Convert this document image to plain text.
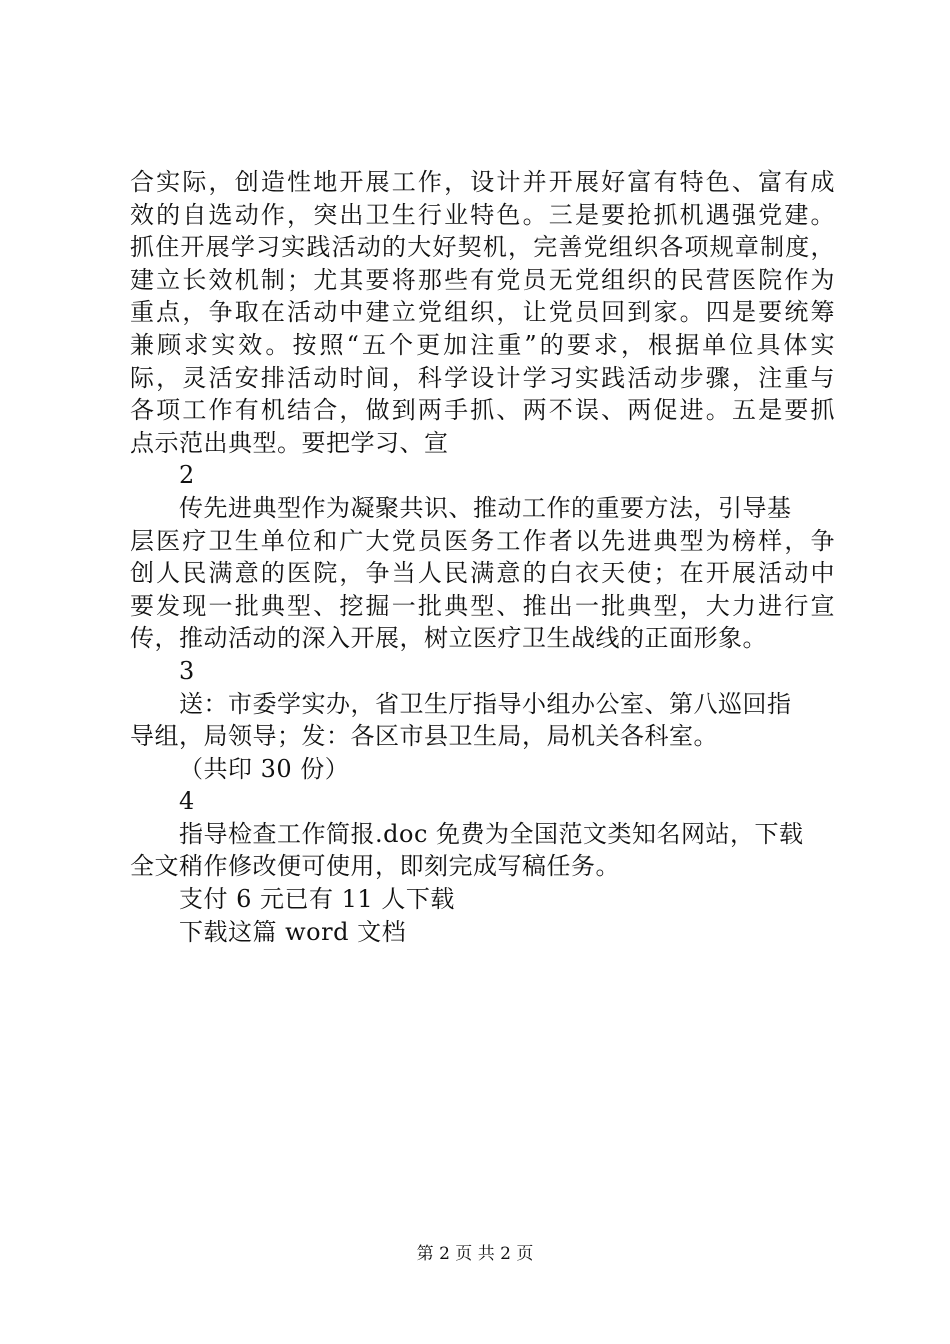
合实际，创造性地开展工作，设计并开展好富有特色、富有成
效的自选动作，突出卫生行业特色。三是要抢抓机遇强党建。
抓住开展学习实践活动的大好契机，完善党组织各项规章制度，
建立长效机制；尤其要将那些有党员无党组织的民营医院作为
重点，争取在活动中建立党组织，让党员回到家。四是要统筹
兼顾求实效。按照“五个更加注重”的要求，根据单位具体实
际，灵活安排活动时间，科学设计学习实践活动步骤，注重与
各项工作有机结合，做到两手抓、两不误、两促进。五是要抓
点示范出典型。要把学习、宣
2
传先进典型作为凝聚共识、推动工作的重要方法，引导基
层医疗卫生单位和广大党员医务工作者以先进典型为榜样，争
创人民满意的医院，争当人民满意的白衣天使；在开展活动中
要发现一批典型、挖掘一批典型、推出一批典型，大力进行宣
传，推动活动的深入开展，树立医疗卫生战线的正面形象。
3
送：市委学实办，省卫生厅指导小组办公室、第八巡回指
导组，局领导；发：各区市县卫生局，局机关各科室。
（共印 30 份）
4
指导检查工作简报.doc 免费为全国范文类知名网站，下载
全文稍作修改便可使用，即刻完成写稿任务。
支付 6 元已有 11 人下载
下载这篇 word 文档
第 2 页 共 2 页
